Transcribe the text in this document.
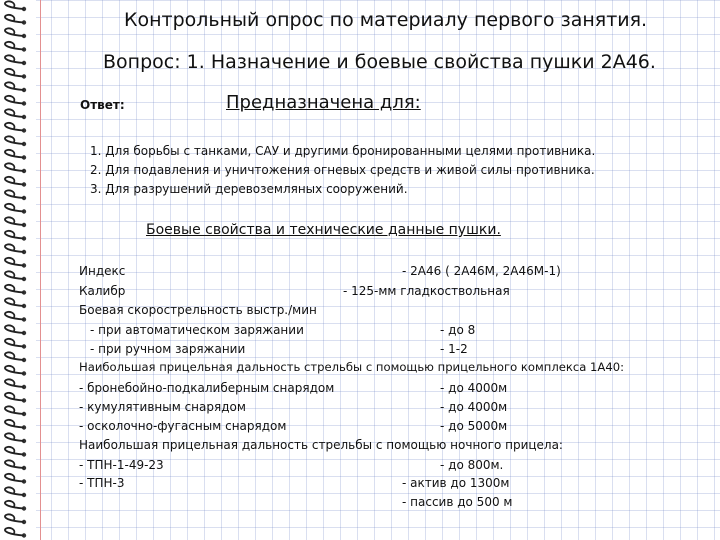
Контрольный опрос по материалу первого занятия.
Вопрос: 1. Назначение и боевые свойства пушки 2А46.
Ответ:	Предназначена для:
1. Для борьбы с танками, САУ и другими бронированными целями противника.
2. Для подавления и уничтожения огневых средств и живой силы противника.
3. Для разрушений деревоземляных сооружений.
Боевые свойства и технические данные пушки.
Индекс	- 2А46 ( 2А46М, 2А46М-1)
Калибр	- 125-мм гладкоствольная
Боевая скорострельность выстр./мин
- при автоматическом заряжании	- до 8
- при ручном заряжании	- 1-2
Наибольшая прицельная дальность стрельбы с помощью прицельного комплекса 1А40:
- бронебойно-подкалиберным снарядом	- до 4000м
- кумулятивным снарядом	- до 4000м
- осколочно-фугасным снарядом	- до 5000м
Наибольшая прицельная дальность стрельбы с помощью ночного прицела:
- ТПН-1-49-23	- до 800м.
- ТПН-3	- актив до 1300м
- пассив до 500 м
